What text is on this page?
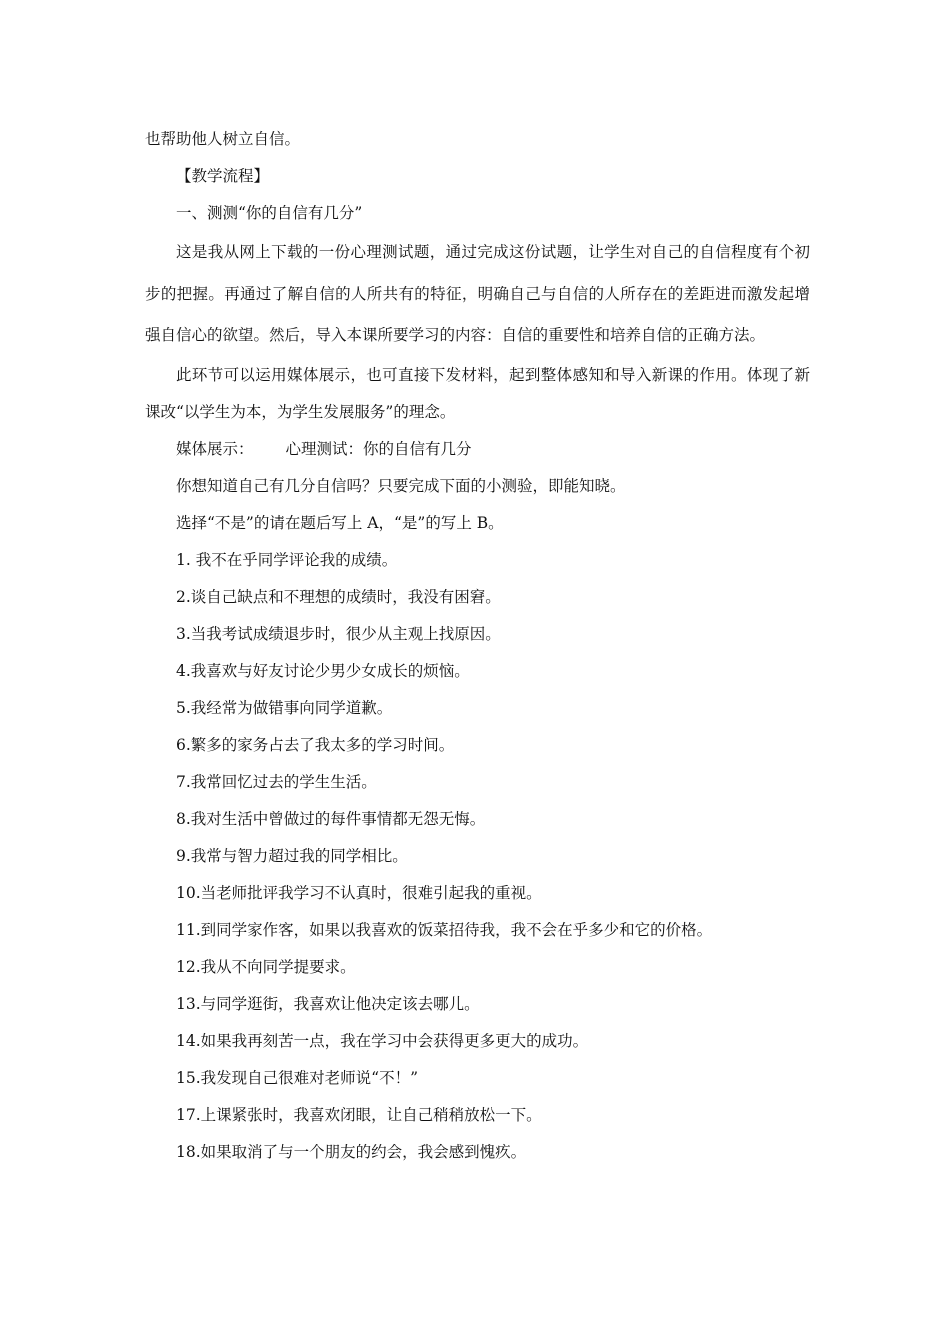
也帮助他人树立自信。
【教学流程】
一、测测“你的自信有几分”

这是我从网上下载的一份心理测试题，通过完成这份试题，让学生对自己的自信程度有个初步的把握。再通过了解自信的人所共有的特征，明确自己与自信的人所存在的差距进而激发起增强自信心的欲望。然后，导入本课所要学习的内容：自信的重要性和培养自信的正确方法。

此环节可以运用媒体展示，也可直接下发材料，起到整体感知和导入新课的作用。体现了新课改“以学生为本，为学生发展服务”的理念。

媒体展示： 心理测试：你的自信有几分
你想知道自己有几分自信吗？只要完成下面的小测验，即能知晓。
选择“不是”的请在题后写上 A，“是”的写上 B。
1. 我不在乎同学评论我的成绩。
2.谈自己缺点和不理想的成绩时，我没有困窘。
3.当我考试成绩退步时，很少从主观上找原因。
4.我喜欢与好友讨论少男少女成长的烦恼。
5.我经常为做错事向同学道歉。
6.繁多的家务占去了我太多的学习时间。
7.我常回忆过去的学生生活。
8.我对生活中曾做过的每件事情都无怨无悔。
9.我常与智力超过我的同学相比。
10.当老师批评我学习不认真时，很难引起我的重视。
11.到同学家作客，如果以我喜欢的饭菜招待我，我不会在乎多少和它的价格。
12.我从不向同学提要求。
13.与同学逛街，我喜欢让他决定该去哪儿。
14.如果我再刻苦一点，我在学习中会获得更多更大的成功。
15.我发现自己很难对老师说“不！”
17.上课紧张时，我喜欢闭眼，让自己稍稍放松一下。
18.如果取消了与一个朋友的约会，我会感到愧疚。
